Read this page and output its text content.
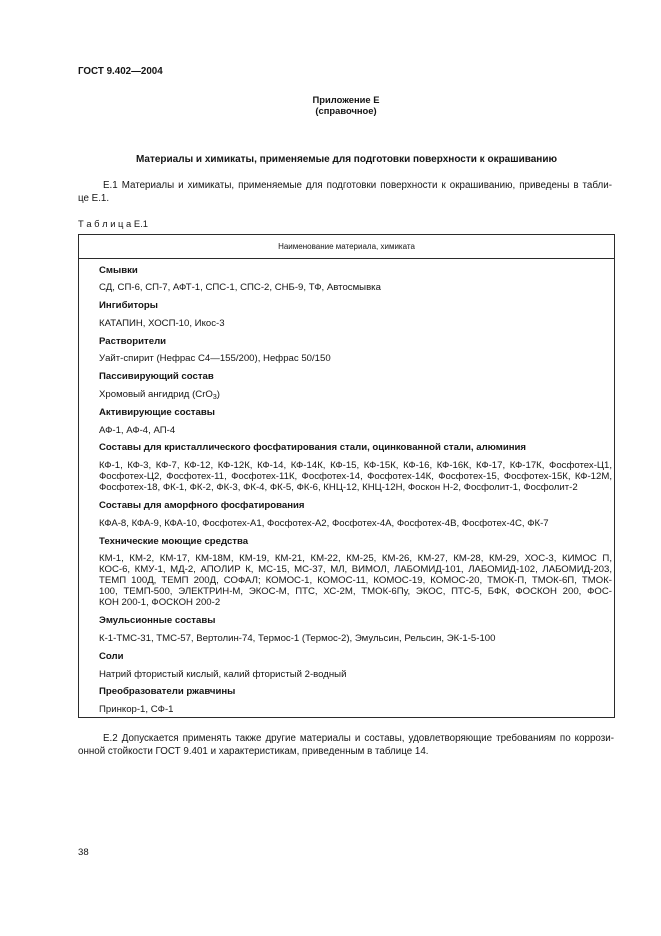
ГОСТ 9.402—2004
Приложение Е
(справочное)
Материалы и химикаты, применяемые для подготовки поверхности к окрашиванию
Е.1 Материалы и химикаты, применяемые для подготовки поверхности к окрашиванию, приведены в табли-
це Е.1.
Т а б л и ц а Е.1
Наименование материала, химиката
Смывки
СД, СП-6, СП-7, АФТ-1, СПС-1, СПС-2, СНБ-9, ТФ, Автосмывка
Ингибиторы
КАТАПИН, ХОСП-10, Икос-3
Растворители
Уайт-спирит (Нефрас С4—155/200), Нефрас 50/150
Пассивирующий состав
Хромовый ангидрид (CrO$_3$)
Активирующие составы
АФ-1, АФ-4, АП-4
Составы для кристаллического фосфатирования стали, оцинкованной стали, алюминия
КФ-1, КФ-3, КФ-7, КФ-12, КФ-12К, КФ-14, КФ-14К, КФ-15, КФ-15К, КФ-16, КФ-16К, КФ-17, КФ-17К, Фосфотех-Ц1,
Фосфотех-Ц2, Фосфотех-11, Фосфотех-11К, Фосфотех-14, Фосфотех-14К, Фосфотех-15, Фосфотех-15К, КФ-12М,
Фосфотех-18, ФК-1, ФК-2, ФК-3, ФК-4, ФК-5, ФК-6, КНЦ-12, КНЦ-12Н, Фоскон Н-2, Фосфолит-1, Фосфолит-2
Составы для аморфного фосфатирования
КФА-8, КФА-9, КФА-10, Фосфотех-А1, Фосфотех-А2, Фосфотех-4А, Фосфотех-4В, Фосфотех-4С, ФК-7
Технические моющие средства
КМ-1, КМ-2, КМ-17, КМ-18М, КМ-19, КМ-21, КМ-22, КМ-25, КМ-26, КМ-27, КМ-28, КМ-29, ХОС-3, КИМОС П,
КОС-6, КМУ-1, МД-2, АПОЛИР К, МС-15, МС-37, МЛ, ВИМОЛ, ЛАБОМИД-101, ЛАБОМИД-102, ЛАБОМИД-203,
ТЕМП 100Д, ТЕМП 200Д, СОФАЛ; КОМОС-1, КОМОС-11, КОМОС-19, КОМОС-20, ТМОК-П, ТМОК-6П, ТМОК-
100, ТЕМП-500, ЭЛЕКТРИН-М, ЭКОС-М, ПТС, ХС-2М, ТМОК-6Пу, ЭКОС, ПТС-5, БФК, ФОСКОН 200, ФОС-
КОН 200-1, ФОСКОН 200-2
Эмульсионные составы
К-1-ТМС-31, ТМС-57, Вертолин-74, Термос-1 (Термос-2), Эмульсин, Рельсин, ЭК-1-5-100
Соли
Натрий фтористый кислый, калий фтористый 2-водный
Преобразователи ржавчины
Принкор-1, СФ-1
Е.2 Допускается применять также другие материалы и составы, удовлетворяющие требованиям по коррози-
онной стойкости ГОСТ 9.401 и характеристикам, приведенным в таблице 14.
38
